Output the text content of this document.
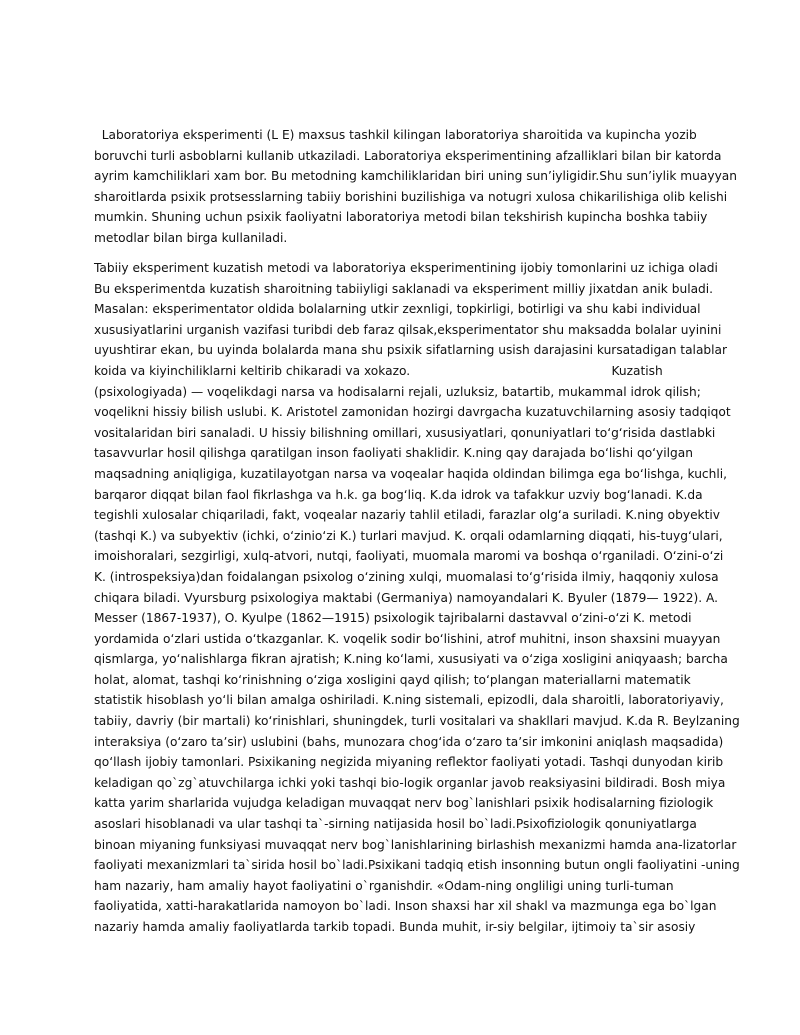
Laboratoriya eksperimenti (L E) maxsus tashkil kilingan laboratoriya sharoitida va kupincha yozib
boruvchi turli asboblarni kullanib utkaziladi. Laboratoriya eksperimentining afzalliklari bilan bir katorda
ayrim kamchiliklari xam bor. Bu metodning kamchiliklaridan biri uning sun’iyligidir.Shu sun’iylik muayyan
sharoitlarda psixik protsesslarning tabiiy borishini buzilishiga va notugri xulosa chikarilishiga olib kelishi
mumkin. Shuning uchun psixik faoliyatni laboratoriya metodi bilan tekshirish kupincha boshka tabiiy
metodlar bilan birga kullaniladi.
Tabiiy eksperiment kuzatish metodi va laboratoriya eksperimentining ijobiy tomonlarini uz ichiga oladi
Bu eksperimentda kuzatish sharoitning tabiiyligi saklanadi va eksperiment milliy jixatdan anik buladi.
Masalan: eksperimentator oldida bolalarning utkir zexnligi, topkirligi, botirligi va shu kabi individual
xususiyatlarini urganish vazifasi turibdi deb faraz qilsak,eksperimentator shu maksadda bolalar uyinini
uyushtirar ekan, bu uyinda bolalarda mana shu psixik sifatlarning usish darajasini kursatadigan talablar
koida va kiyinchiliklarni keltirib chikaradi va xokazo.                                                    Kuzatish
(psixologiyada) — voqelikdagi narsa va hodisalarni rejali, uzluksiz, batartib, mukammal idrok qilish;
voqelikni hissiy bilish uslubi. K. Aristotel zamonidan hozirgi davrgacha kuzatuvchilarning asosiy tadqiqot
vositalaridan biri sanaladi. U hissiy bilishning omillari, xususiyatlari, qonuniyatlari toʻgʻrisida dastlabki
tasavvurlar hosil qilishga qaratilgan inson faoliyati shaklidir. K.ning qay darajada boʻlishi qoʻyilgan
maqsadning aniqligiga, kuzatilayotgan narsa va voqealar haqida oldindan bilimga ega boʻlishga, kuchli,
barqaror diqqat bilan faol fikrlashga va h.k. ga bogʻliq. K.da idrok va tafakkur uzviy bogʻlanadi. K.da
tegishli xulosalar chiqariladi, fakt, voqealar nazariy tahlil etiladi, farazlar olgʻa suriladi. K.ning obyektiv
(tashqi K.) va subyektiv (ichki, oʻzinioʻzi K.) turlari mavjud. K. orqali odamlarning diqqati, his-tuygʻulari,
imoishoralari, sezgirligi, xulq-atvori, nutqi, faoliyati, muomala maromi va boshqa oʻrganiladi. Oʻzini-oʻzi
K. (introspeksiya)dan foidalangan psixolog oʻzining xulqi, muomalasi toʻgʻrisida ilmiy, haqqoniy xulosa
chiqara biladi. Vyursburg psixologiya maktabi (Germaniya) namoyandalari K. Byuler (1879— 1922). A.
Messer (1867-1937), O. Kyulpe (1862—1915) psixologik tajribalarni dastavval oʻzini-oʻzi K. metodi
yordamida oʻzlari ustida oʻtkazganlar. K. voqelik sodir boʻlishini, atrof muhitni, inson shaxsini muayyan
qismlarga, yoʻnalishlarga fikran ajratish; K.ning koʻlami, xususiyati va oʻziga xosligini aniqyaash; barcha
holat, alomat, tashqi koʻrinishning oʻziga xosligini qayd qilish; toʻplangan materiallarni matematik
statistik hisoblash yoʻli bilan amalga oshiriladi. K.ning sistemali, epizodli, dala sharoitli, laboratoriyaviy,
tabiiy, davriy (bir martali) koʻrinishlari, shuningdek, turli vositalari va shakllari mavjud. K.da R. Beylzaning
interaksiya (oʻzaro taʼsir) uslubini (bahs, munozara chogʻida oʻzaro taʼsir imkonini aniqlash maqsadida)
qoʻllash ijobiy tamonlari. Psixikaning negizida miyaning reflektor faoliyati yotadi. Tashqi dunyodan kirib
keladigan qo`zg`atuvchilarga ichki yoki tashqi bio-logik organlar javob reaksiyasini bildiradi. Bosh miya
katta yarim sharlarida vujudga keladigan muvaqqat nerv bog`lanishlari psixik hodisalarning fiziologik
asoslari hisoblanadi va ular tashqi ta`-sirning natijasida hosil bo`ladi.Psixofiziologik qonuniyatlarga
binoan miyaning funksiyasi muvaqqat nerv bog`lanishlarining birlashish mexanizmi hamda ana-lizatorlar
faoliyati mexanizmlari ta`sirida hosil bo`ladi.Psixikani tadqiq etish insonning butun ongli faoliyatini -uning
ham nazariy, ham amaliy hayot faoliyatini o`rganishdir. «Odam-ning ongliligi uning turli-tuman
faoliyatida, xatti-harakatlarida namoyon bo`ladi. Inson shaxsi har xil shakl va mazmunga ega bo`lgan
nazariy hamda amaliy faoliyatlarda tarkib topadi. Bunda muhit, ir-siy belgilar, ijtimoiy ta`sir asosiy
